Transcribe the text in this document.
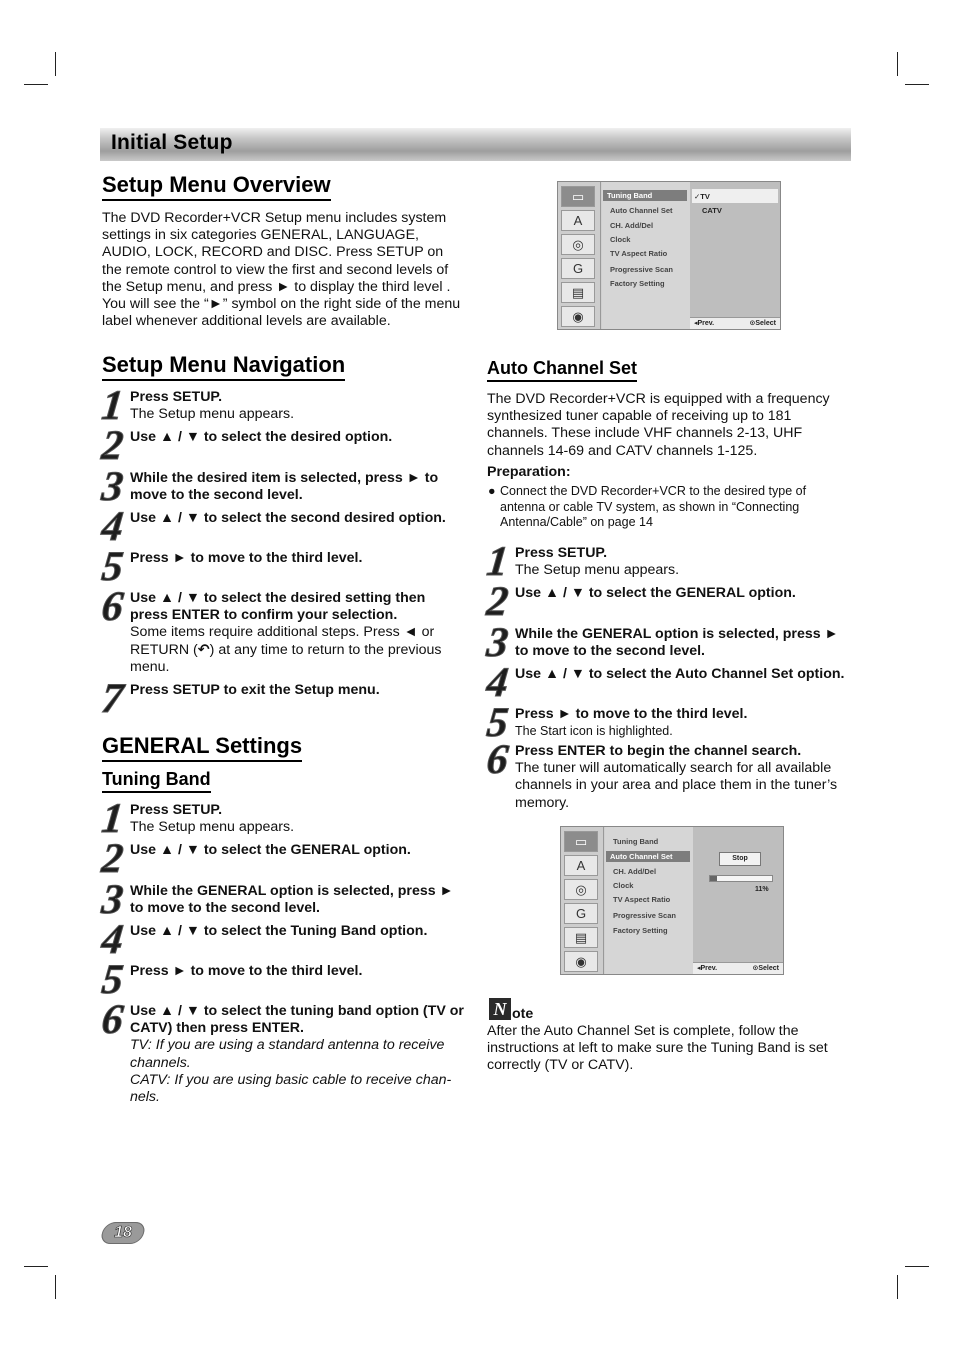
Initial Setup
Setup Menu Overview
The DVD Recorder+VCR Setup menu includes system settings in six categories GENERAL, LANGUAGE, AUDIO, LOCK, RECORD and DISC. Press SETUP on the remote control to view the first and second levels of the Setup menu, and press ► to display the third level . You will see the “►” symbol on the right side of the menu label whenever additional levels are available.
Setup Menu Navigation
1 Press SETUP.
The Setup menu appears.
2 Use ▲ / ▼ to select the desired option.
3 While the desired item is selected, press ► to move to the second level.
4 Use ▲ / ▼ to select the second desired option.
5 Press ► to move to the third level.
6 Use ▲ / ▼ to select the desired setting then press ENTER to confirm your selection.
Some items require additional steps. Press ◄ or RETURN (↶) at any time to return to the previous menu.
7 Press SETUP to exit the Setup menu.
GENERAL Settings
Tuning Band
1 Press SETUP.
The Setup menu appears.
2 Use ▲ / ▼ to select the GENERAL option.
3 While the GENERAL option is selected, press ► to move to the second level.
4 Use ▲ / ▼ to select the Tuning Band option.
5 Press ► to move to the third level.
6 Use ▲ / ▼ to select the tuning band option (TV or CATV) then press ENTER.
TV: If you are using a standard antenna to receive channels.
CATV: If you are using basic cable to receive chan-nels.
▭
A
◎
G
▤
◉
Tuning Band
Auto Channel Set
CH. Add/Del
Clock
TV Aspect Ratio
Progressive Scan
Factory Setting
✓TV
CATV
◂Prev.	⊙Select
Auto Channel Set
The DVD Recorder+VCR is equipped with a frequency synthesized tuner capable of receiving up to 181 channels. These include VHF channels 2-13, UHF channels 14-69 and CATV channels 1-125.
Preparation:
● Connect the DVD Recorder+VCR to the desired type of antenna or cable TV system, as shown in “Connecting Antenna/Cable” on page 14
1 Press SETUP.
The Setup menu appears.
2 Use ▲ / ▼ to select the GENERAL option.
3 While the GENERAL option is selected, press ► to move to the second level.
4 Use ▲ / ▼ to select the Auto Channel Set option.
5 Press ► to move to the third level.
The Start icon is highlighted.
6 Press ENTER to begin the channel search.
The tuner will automatically search for all available channels in your area and place them in the tuner’s memory.
▭
A
◎
G
▤
◉
Tuning Band
Auto Channel Set
CH. Add/Del
Clock
TV Aspect Ratio
Progressive Scan
Factory Setting
Stop
11%
◂Prev.	⊙Select
N ote
After the Auto Channel Set is complete, follow the instructions at left to make sure the Tuning Band is set correctly (TV or CATV).
18
